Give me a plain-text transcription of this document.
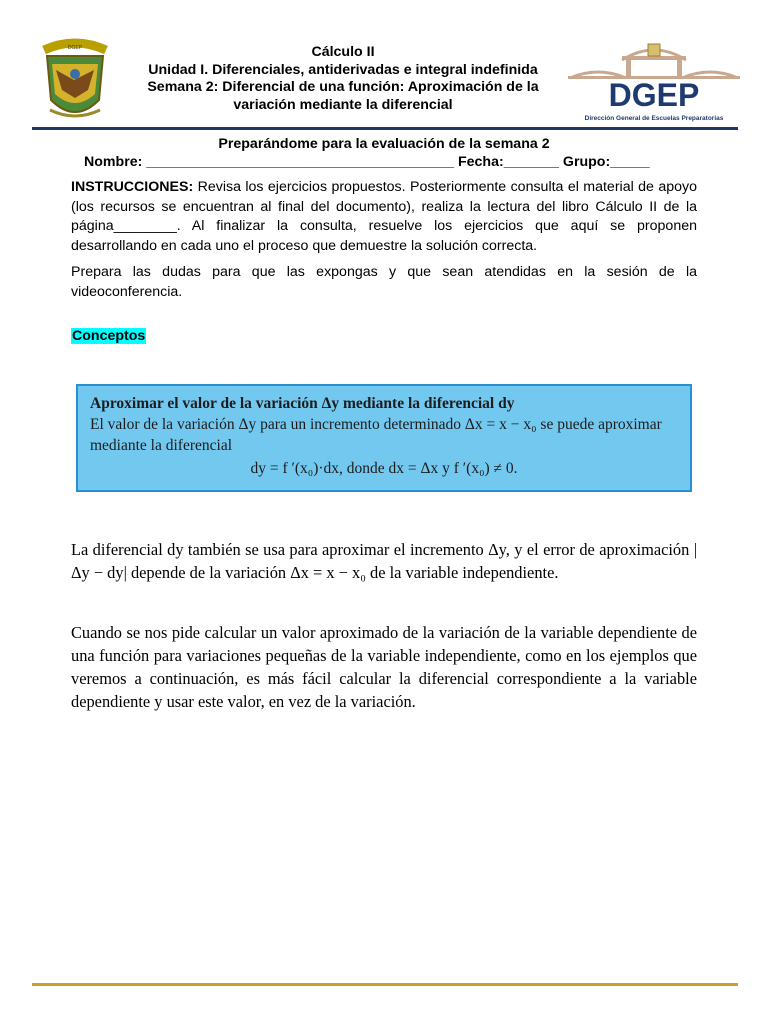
DGEP	Cálculo II
Unidad I. Diferenciales, antiderivadas e integral indefinida
Semana 2: Diferencial de una función: Aproximación de la
variación mediante la diferencial	DGEP
Dirección General de Escuelas Preparatorias
Preparándome para la evaluación de la semana 2
Nombre: _______________________________________ Fecha:_______ Grupo:_____
INSTRUCCIONES: Revisa los ejercicios propuestos. Posteriormente consulta el material de apoyo (los recursos se encuentran al final del documento), realiza la lectura del libro Cálculo II de la página________. Al finalizar la consulta, resuelve los ejercicios que aquí se proponen desarrollando en cada uno el proceso que demuestre la solución correcta.
Prepara las dudas para que las expongas y que sean atendidas en la sesión de la videoconferencia.
Conceptos
Aproximar el valor de la variación Δy mediante la diferencial dy
El valor de la variación Δy para un incremento determinado Δx = x − x₀ se puede aproximar mediante la diferencial
dy = f ′(x₀)·dx, donde dx = Δx y f ′(x₀) ≠ 0.
La diferencial dy también se usa para aproximar el incremento Δy, y el error de aproximación |Δy − dy| depende de la variación Δx = x − x₀ de la variable independiente.
Cuando se nos pide calcular un valor aproximado de la variación de la variable dependiente de una función para variaciones pequeñas de la variable independiente, como en los ejemplos que veremos a continuación, es más fácil calcular la diferencial correspondiente a la variable dependiente y usar este valor, en vez de la variación.
